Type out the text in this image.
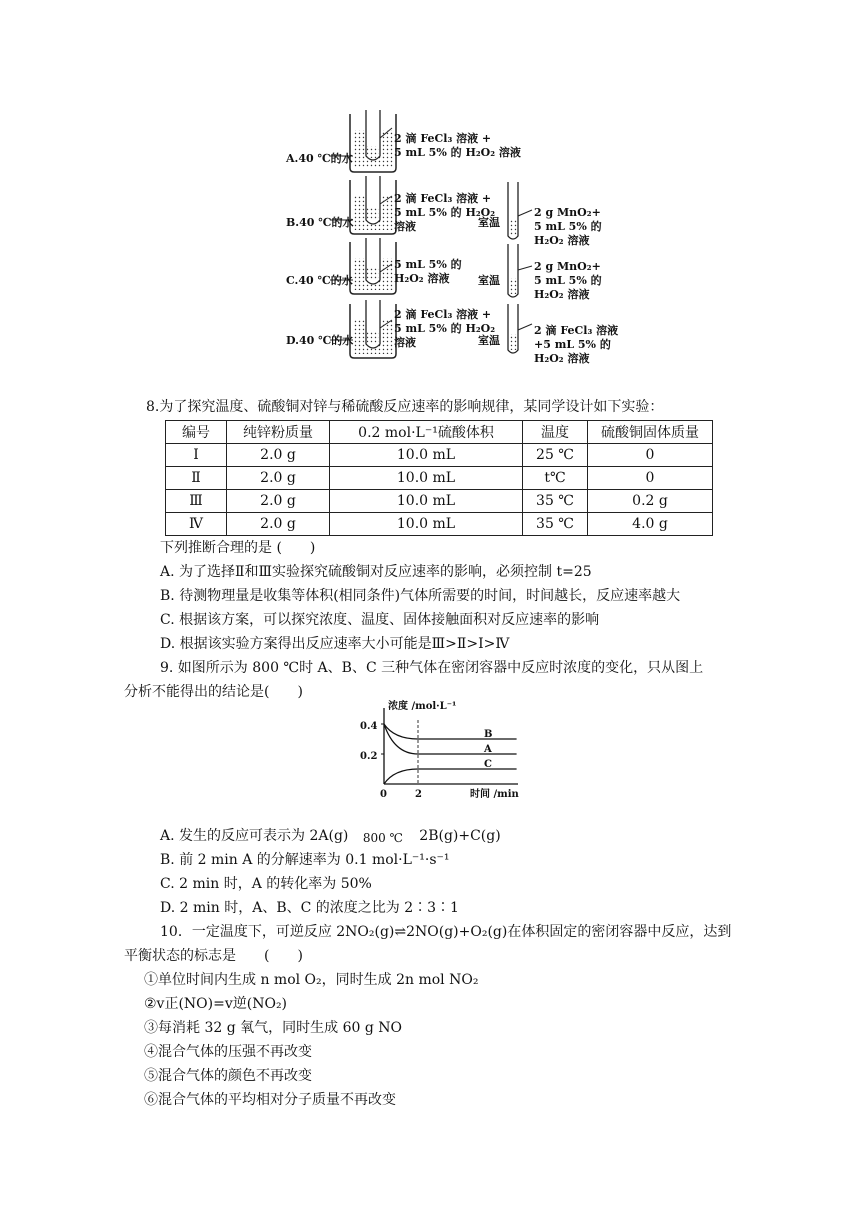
A.40 ℃的水
2 滴 FeCl₃ 溶液 +
5 mL 5% 的 H₂O₂ 溶液
B.40 ℃的水
2 滴 FeCl₃ 溶液 +
5 mL 5% 的 H₂O₂
溶液	室温
2 g MnO₂+
5 mL 5% 的
H₂O₂ 溶液
C.40 ℃的水
5 mL 5% 的
H₂O₂ 溶液	室温
2 g MnO₂+
5 mL 5% 的
H₂O₂ 溶液
D.40 ℃的水
2 滴 FeCl₃ 溶液 +
5 mL 5% 的 H₂O₂
溶液	室温
2 滴 FeCl₃ 溶液
+5 mL 5% 的
H₂O₂ 溶液
8.为了探究温度、硫酸铜对锌与稀硫酸反应速率的影响规律，某同学设计如下实验：
编号	纯锌粉质量	0.2 mol·L⁻¹硫酸体积	温度	硫酸铜固体质量
Ⅰ	2.0 g	10.0 mL	25 ℃	0
Ⅱ	2.0 g	10.0 mL	t℃	0
Ⅲ	2.0 g	10.0 mL	35 ℃	0.2 g
Ⅳ	2.0 g	10.0 mL	35 ℃	4.0 g
下列推断合理的是 (　　)
A. 为了选择Ⅱ和Ⅲ实验探究硫酸铜对反应速率的影响，必须控制 t=25
B. 待测物理量是收集等体积(相同条件)气体所需要的时间，时间越长，反应速率越大
C. 根据该方案，可以探究浓度、温度、固体接触面积对反应速率的影响
D. 根据该实验方案得出反应速率大小可能是Ⅲ>Ⅱ>Ⅰ>Ⅳ
9. 如图所示为 800 ℃时 A、B、C 三种气体在密闭容器中反应时浓度的变化，只从图上
分析不能得出的结论是(　　)
浓度 /mol·L⁻¹
0.4
0.2
0	2	时间 /min
B
A
C
A. 发生的反应可表示为 2A(g) 800 ℃ 2B(g)+C(g)
B. 前 2 min A 的分解速率为 0.1 mol·L⁻¹·s⁻¹
C. 2 min 时，A 的转化率为 50%
D. 2 min 时，A、B、C 的浓度之比为 2∶3∶1
10．一定温度下，可逆反应 2NO₂(g)⇌2NO(g)+O₂(g)在体积固定的密闭容器中反应，达到
平衡状态的标志是　　(　　)
①单位时间内生成 n mol O₂，同时生成 2n mol NO₂
②v正(NO)=v逆(NO₂)
③每消耗 32 g 氧气，同时生成 60 g NO
④混合气体的压强不再改变
⑤混合气体的颜色不再改变
⑥混合气体的平均相对分子质量不再改变
